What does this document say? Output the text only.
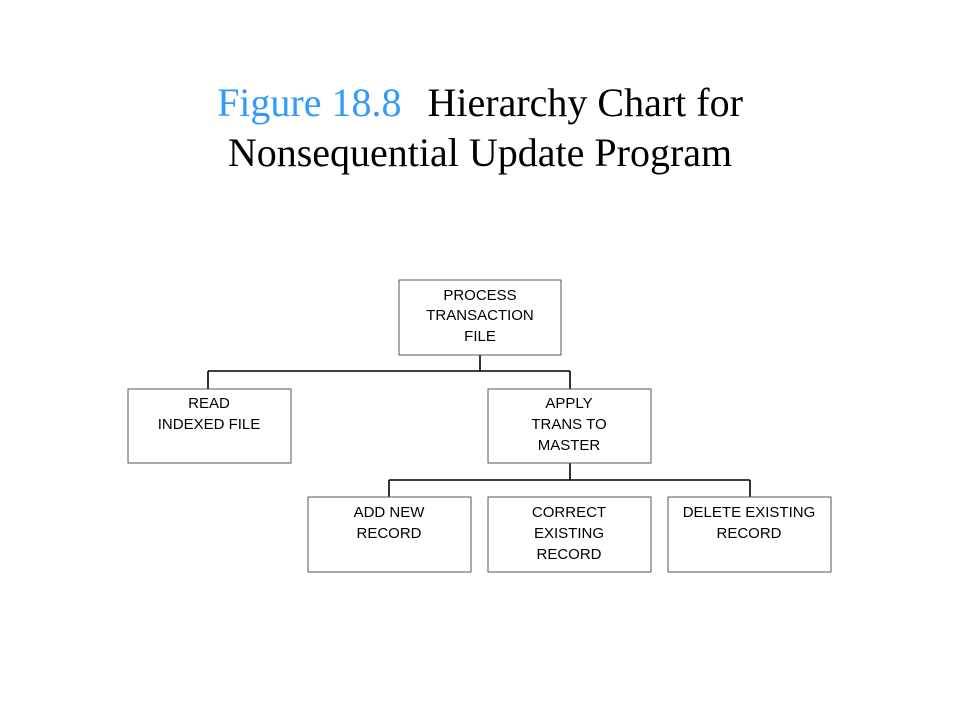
Figure 18.8 Hierarchy Chart for
Nonsequential Update Program
PROCESS
TRANSACTION
FILE
READ
INDEXED FILE
APPLY
TRANS TO
MASTER
ADD NEW
RECORD
CORRECT
EXISTING
RECORD
DELETE EXISTING
RECORD
